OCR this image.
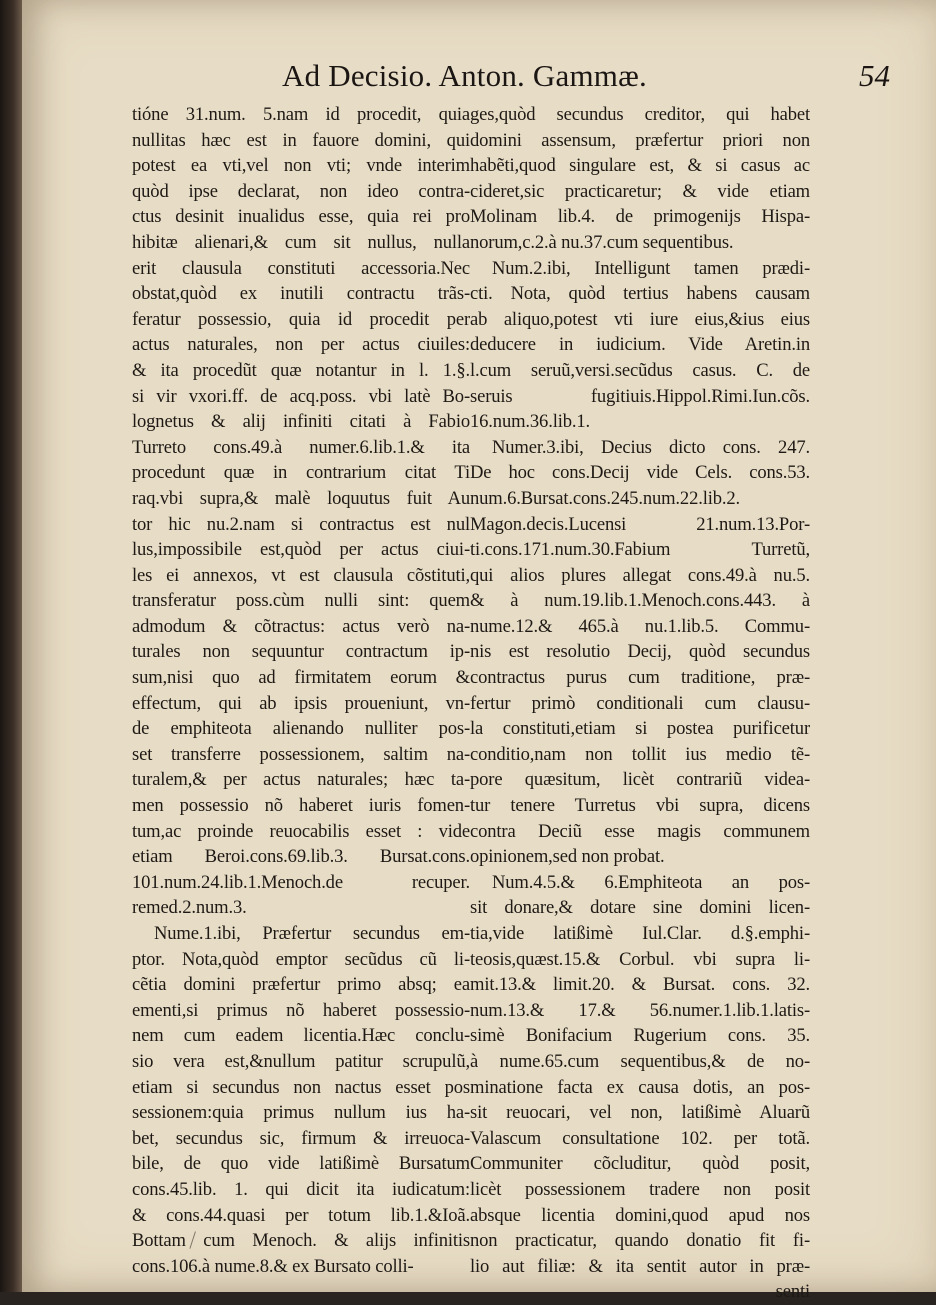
Ad Decisio. Anton. Gammæ.	54
tióne 31.num. 5.nam id procedit, quia
nullitas hæc est in fauore domini, qui
potest ea vti,vel non vti; vnde interim
quòd ipse declarat, non ideo contra-
ctus desinit inualidus esse, quia rei pro
hibitæ alienari,& cum sit nullus, nulla
erit clausula constituti accessoria.Nec
obstat,quòd ex inutili contractu trãs-
feratur possessio, quia id procedit per
actus naturales, non per actus ciuiles:
& ita procedũt quæ notantur in l. 1.§.
si vir vxori.ff. de acq.poss. vbi latè Bo-
lognetus & alij infiniti citati à Fabio
Turreto cons.49.à numer.6.lib.1.& ita
procedunt quæ in contrarium citat Ti
raq.vbi supra,& malè loquutus fuit Au
tor hic nu.2.nam si contractus est nul
lus,impossibile est,quòd per actus ciui-
les ei annexos, vt est clausula cõstituti,
transferatur poss.cùm nulli sint: quem
admodum & cõtractus: actus verò na-
turales non sequuntur contractum ip-
sum,nisi quo ad firmitatem eorum &
effectum, qui ab ipsis proueniunt, vn-
de emphiteota alienando nulliter pos-
set transferre possessionem, saltim na-
turalem,& per actus naturales; hæc ta-
men possessio nõ haberet iuris fomen-
tum,ac proinde reuocabilis esset : vide
etiam Beroi.cons.69.lib.3. Bursat.cons.
101.num.24.lib.1.Menoch.de recuper.
remed.2.num.3.
Nume.1.ibi, Præfertur secundus em-
ptor. Nota,quòd emptor secũdus cũ li-
cẽtia domini præfertur primo absq; ea
ementi,si primus nõ haberet possessio-
nem cum eadem licentia.Hæc conclu-
sio vera est,&nullum patitur scrupulũ,
etiam si secundus non nactus esset pos
sessionem:quia primus nullum ius ha-
bet, secundus sic, firmum & irreuoca-
bile, de quo vide latißimè Bursatum
cons.45.lib. 1. qui dicit ita iudicatum:
& cons.44.quasi per totum lib.1.&Ioã.
Bottam cum Menoch. & alijs infinitis
cons.106.à nume.8.& ex Bursato colli-
ges,quòd secundus creditor, qui habet
domini assensum, præfertur priori non
habẽti,quod singulare est, & si casus ac
cideret,sic practicaretur; & vide etiam
Molinam lib.4. de primogenijs Hispa-
norum,c.2.à nu.37.cum sequentibus.
Num.2.ibi, Intelligunt tamen prædi-
cti. Nota, quòd tertius habens causam
ab aliquo,potest vti iure eius,&ius eius
deducere in iudicium. Vide Aretin.in
l.cum seruũ,versi.secũdus casus. C. de
seruis fugitiuis.Hippol.Rimi.Iun.cõs.
16.num.36.lib.1.
Numer.3.ibi, Decius dicto cons. 247.
De hoc cons.Decij vide Cels. cons.53.
num.6.Bursat.cons.245.num.22.lib.2.
Magon.decis.Lucensi 21.num.13.Por-
ti.cons.171.num.30.Fabium Turretũ,
qui alios plures allegat cons.49.à nu.5.
& à num.19.lib.1.Menoch.cons.443. à
nume.12.& 465.à nu.1.lib.5. Commu-
nis est resolutio Decij, quòd secundus
contractus purus cum traditione, præ-
fertur primò conditionali cum clausu-
la constituti,etiam si postea purificetur
conditio,nam non tollit ius medio tẽ-
pore quæsitum, licèt contrariũ videa-
tur tenere Turretus vbi supra, dicens
contra Deciũ esse magis communem
opinionem,sed non probat.
Num.4.5.& 6.Emphiteota an pos-
sit donare,& dotare sine domini licen-
tia,vide latißimè Iul.Clar. d.§.emphi-
teosis,quæst.15.& Corbul. vbi supra li-
mit.13.& limit.20. & Bursat. cons. 32.
num.13.& 17.& 56.numer.1.lib.1.latis-
simè Bonifacium Rugerium cons. 35.
à nume.65.cum sequentibus,& de no-
minatione facta ex causa dotis, an pos-
sit reuocari, vel non, latißimè Aluarũ
Valascum consultatione 102. per totã.
Communiter cõcluditur, quòd posit,
licèt possessionem tradere non posit
absque licentia domini,quod apud nos
non practicatur, quando donatio fit fi-
lio aut filiæ: & ita sentit autor in præ-
senti
